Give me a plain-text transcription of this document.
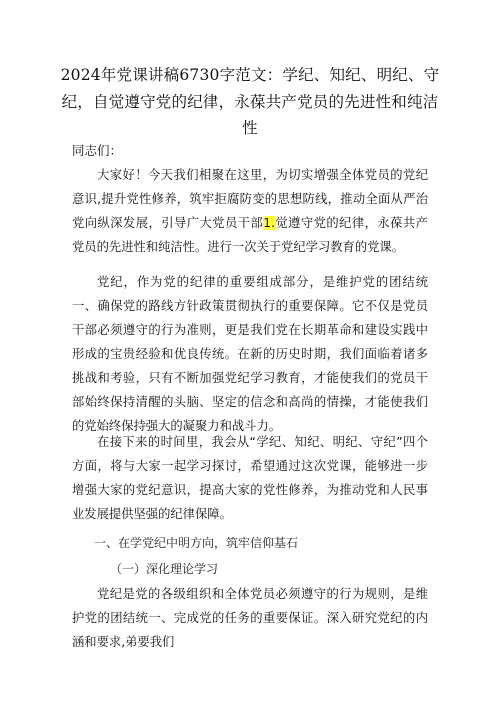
2024年党课讲稿6730字范文：学纪、知纪、明纪、守纪，自觉遵守党的纪律，永葆共产党员的先进性和纯洁性
同志们：

大家好！今天我们相聚在这里，为切实增强全体党员的党纪意识,提升党性修养，筑牢拒腐防变的思想防线，推动全面从严治党向纵深发展，引导广大党员干部1.觉遵守党的纪律，永葆共产党员的先进性和纯洁性。进行一次关于党纪学习教育的党课。

党纪，作为党的纪律的重要组成部分，是维护党的团结统一、确保党的路线方针政策贯彻执行的重要保障。它不仅是党员干部必须遵守的行为准则，更是我们党在长期革命和建设实践中形成的宝贵经验和优良传统。在新的历史时期，我们面临着诸多挑战和考验，只有不断加强党纪学习教育，才能使我们的党员干部始终保持清醒的头脑、坚定的信念和高尚的情操，才能使我们的党始终保持强大的凝聚力和战斗力。

在接下来的时间里，我会从“学纪、知纪、明纪、守纪”四个方面，将与大家一起学习探讨，希望通过这次党课，能够进一步增强大家的党纪意识，提高大家的党性修养，为推动党和人民事业发展提供坚强的纪律保障。

一、在学党纪中明方向，筑牢信仰基石
（一）深化理论学习

党纪是党的各级组织和全体党员必须遵守的行为规则，是维护党的团结统一、完成党的任务的重要保证。深入研究党纪的内涵和要求,弟要我们
